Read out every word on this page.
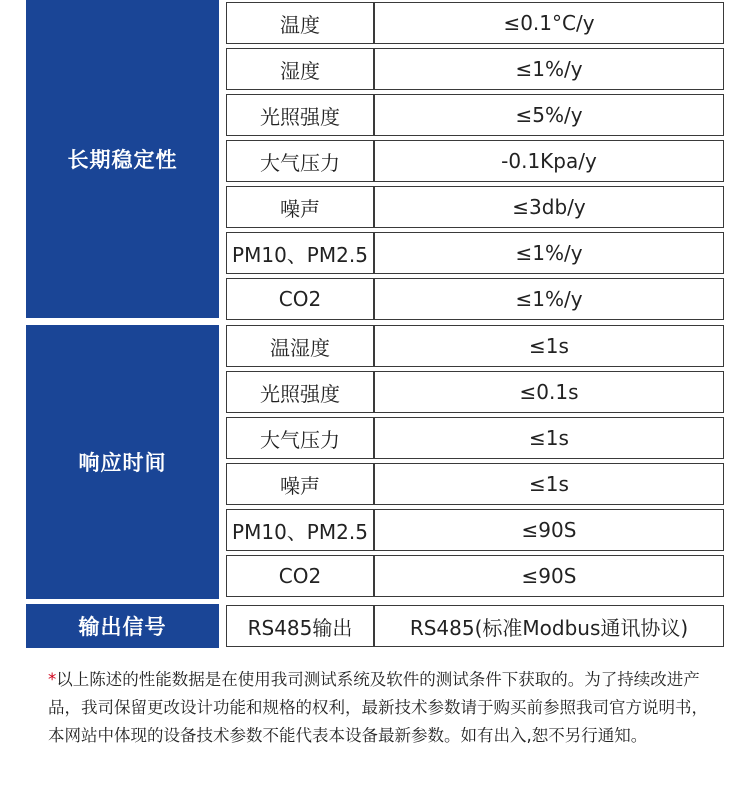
长期稳定性
温度	≤0.1°C/y
湿度	≤1%/y
光照强度	≤5%/y
大气压力	-0.1Kpa/y
噪声	≤3db/y
PM10、PM2.5	≤1%/y
CO2	≤1%/y
响应时间
温湿度	≤1s
光照强度	≤0.1s
大气压力	≤1s
噪声	≤1s
PM10、PM2.5	≤90S
CO2	≤90S
输出信号	RS485输出	RS485(标准Modbus通讯协议)
*以上陈述的性能数据是在使用我司测试系统及软件的测试条件下获取的。为了持续改进产品，我司保留更改设计功能和规格的权利，最新技术参数请于购买前参照我司官方说明书，本网站中体现的设备技术参数不能代表本设备最新参数。如有出入,恕不另行通知。
